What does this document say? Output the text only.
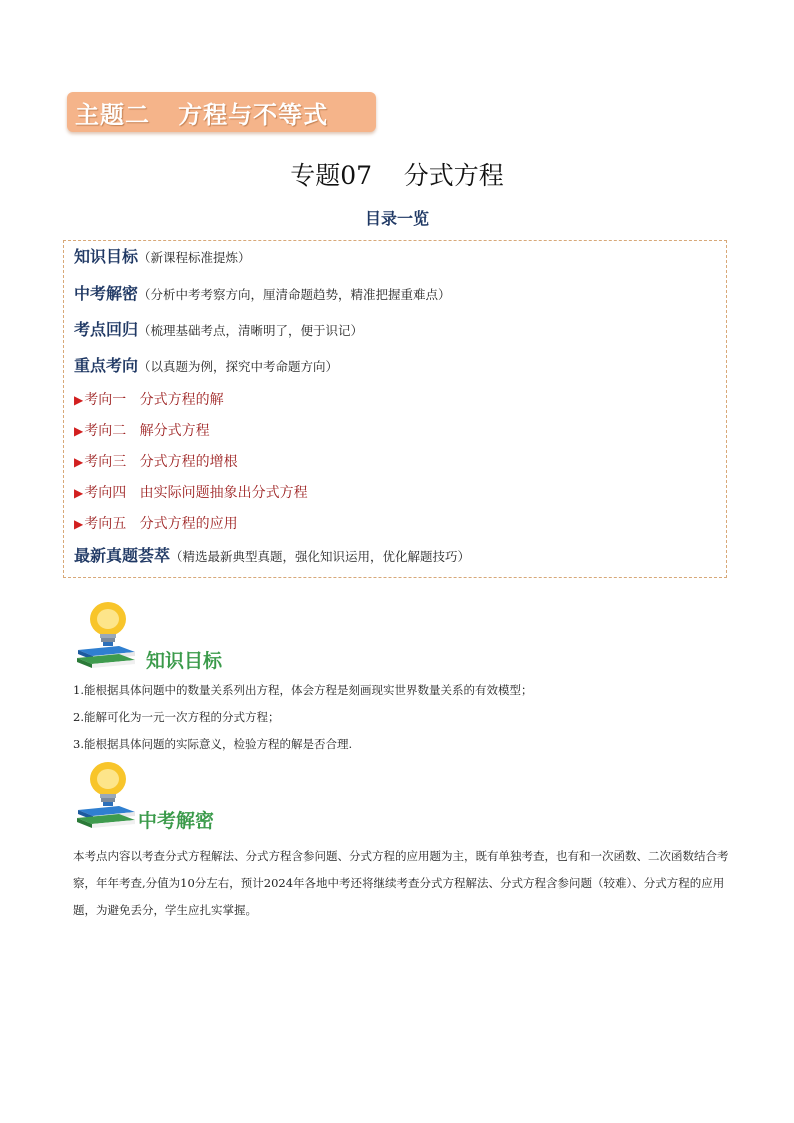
主题二   方程与不等式
专题07    分式方程
目录一览
知识目标（新课程标准提炼）
中考解密（分析中考考察方向，厘清命题趋势，精准把握重难点）
考点回归（梳理基础考点，清晰明了，便于识记）
重点考向（以真题为例，探究中考命题方向）
▶考向一   分式方程的解
▶考向二   解分式方程
▶考向三   分式方程的增根
▶考向四   由实际问题抽象出分式方程
▶考向五   分式方程的应用
最新真题荟萃（精选最新典型真题，强化知识运用，优化解题技巧）
知识目标

1.能根据具体问题中的数量关系列出方程，体会方程是刻画现实世界数量关系的有效模型；

2.能解可化为一元一次方程的分式方程；

3.能根据具体问题的实际意义，检验方程的解是否合理.

中考解密

本考点内容以考查分式方程解法、分式方程含参问题、分式方程的应用题为主，既有单独考查，也有和一次函数、二次函数结合考察，年年考查,分值为10分左右，预计2024年各地中考还将继续考查分式方程解法、分式方程含参问题（较难）、分式方程的应用题，为避免丢分，学生应扎实掌握。
